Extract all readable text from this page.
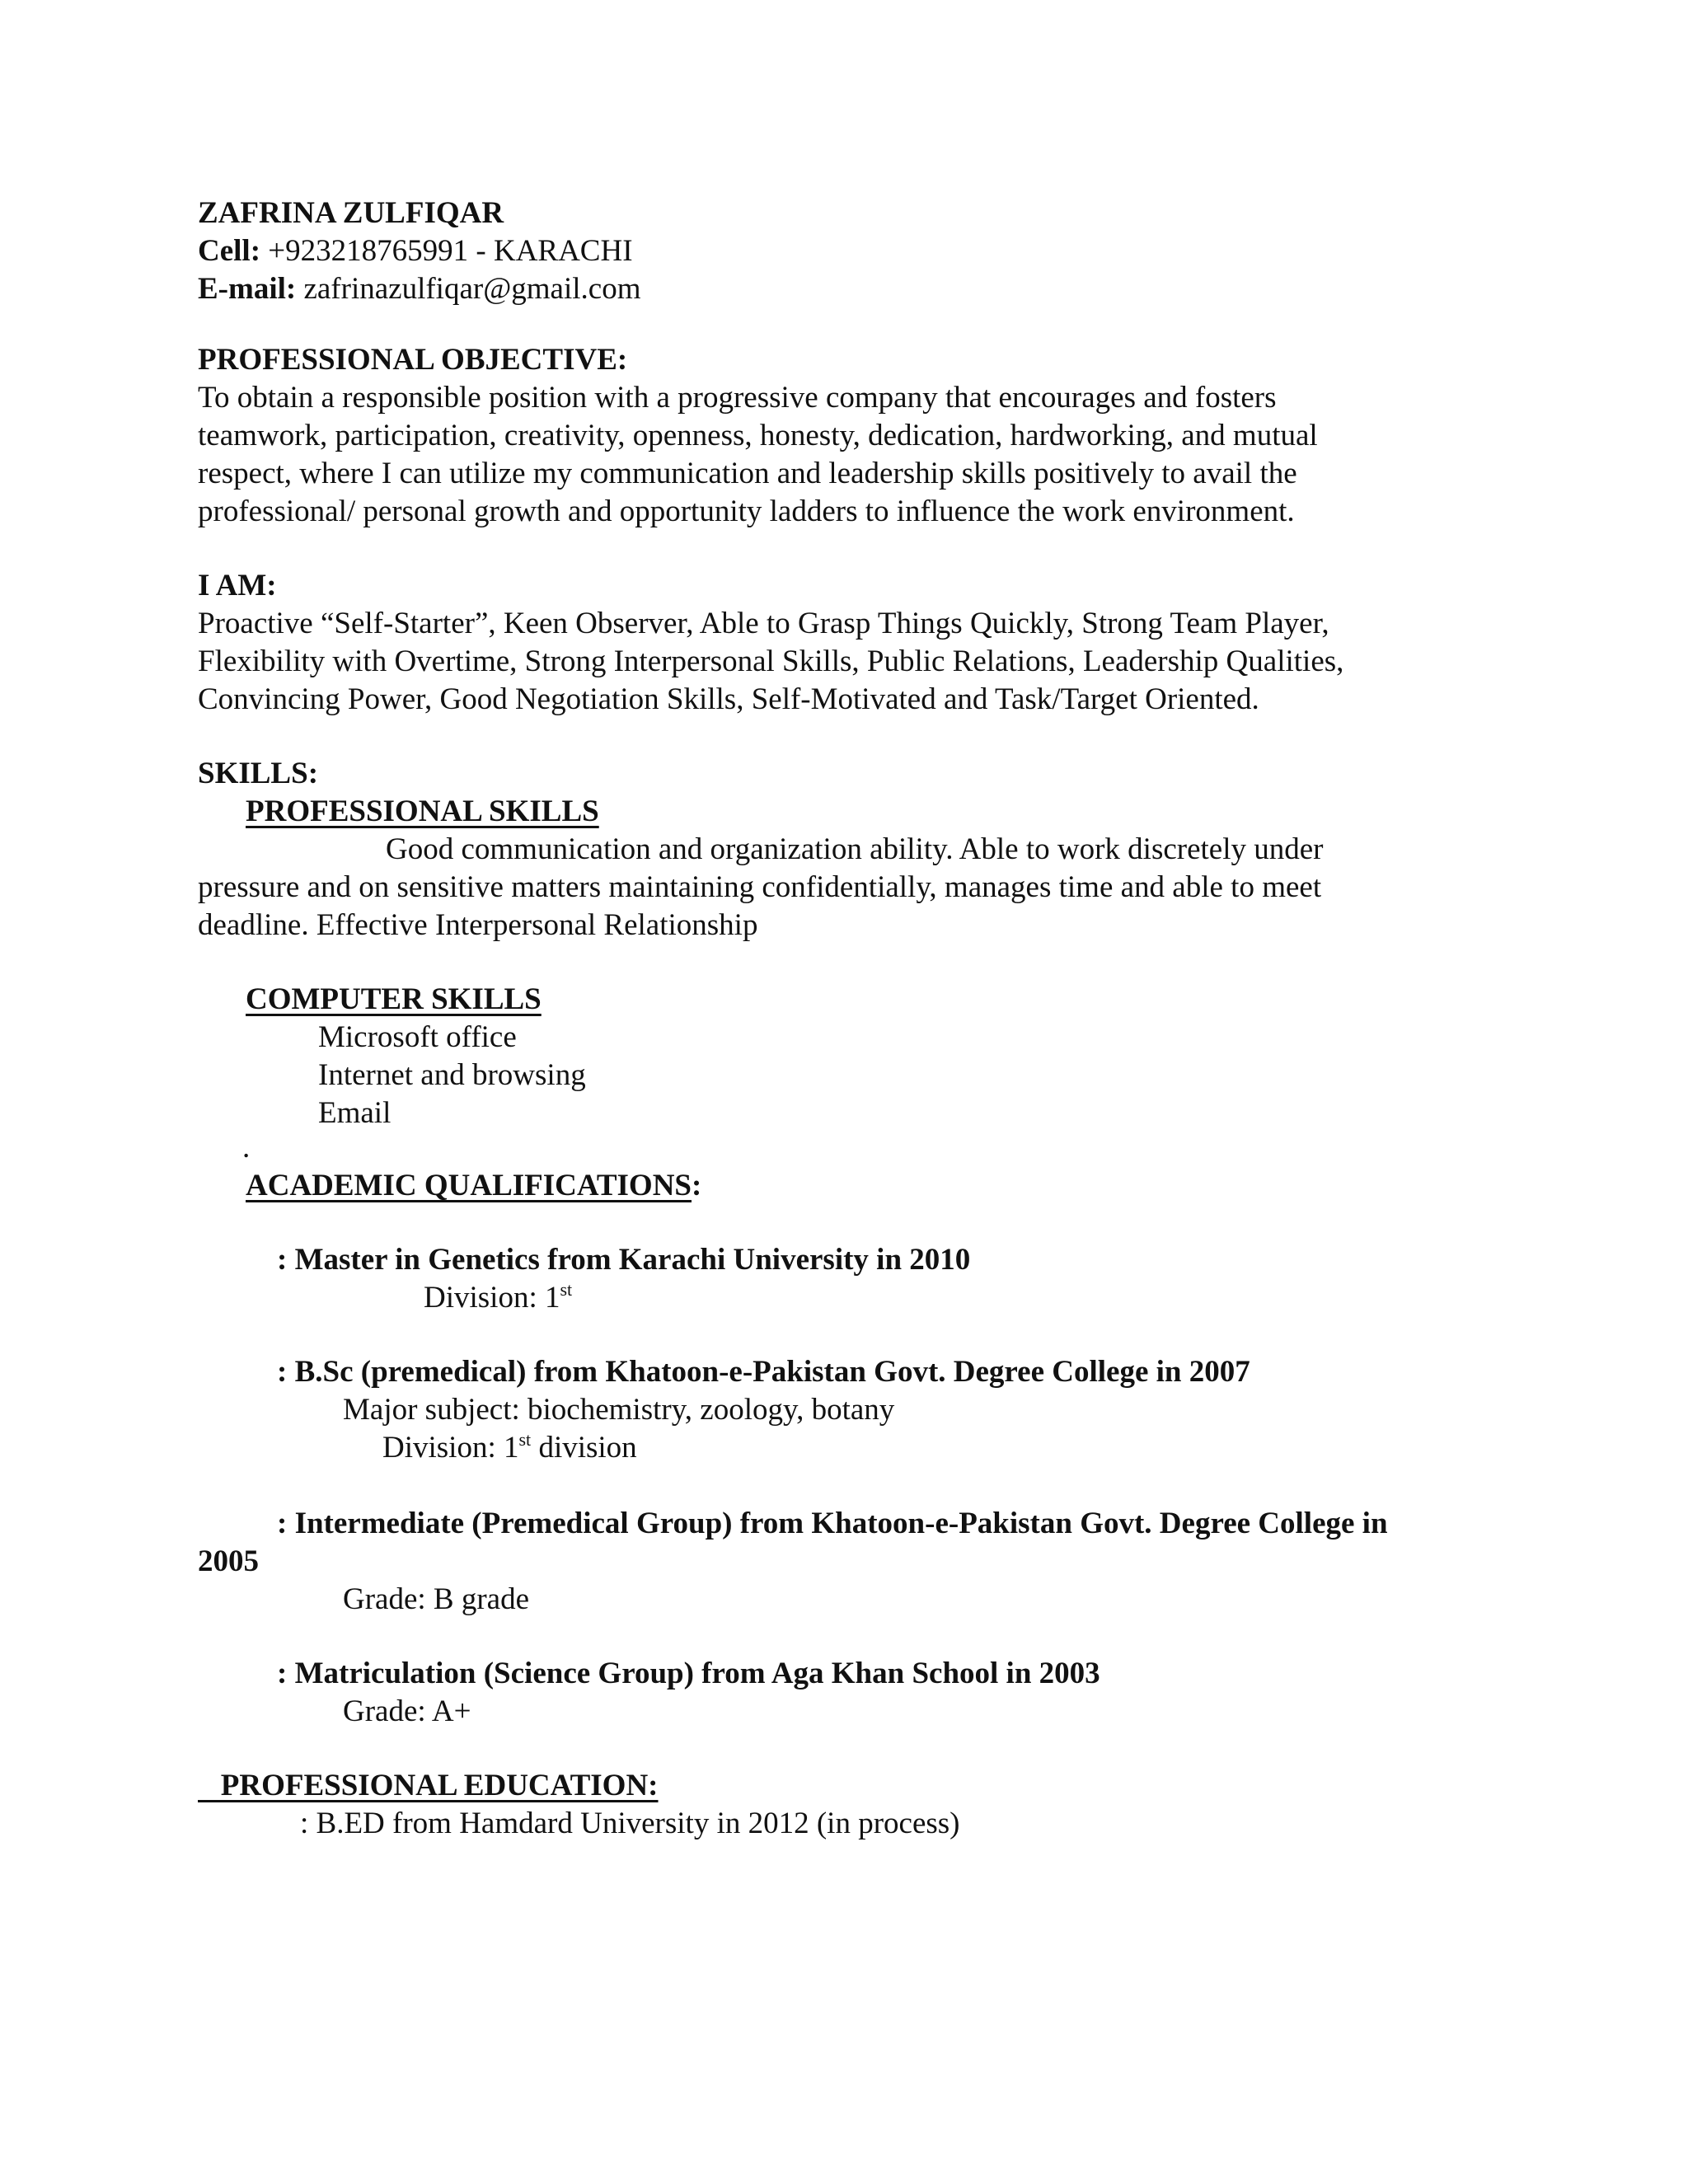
ZAFRINA ZULFIQAR
Cell: +923218765991 - KARACHI
E-mail: zafrinazulfiqar@gmail.com
PROFESSIONAL OBJECTIVE:
To obtain a responsible position with a progressive company that encourages and fosters
teamwork, participation, creativity, openness, honesty, dedication, hardworking, and mutual
respect, where I can utilize my communication and leadership skills positively to avail the
professional/ personal growth and opportunity ladders to influence the work environment.
I AM:
Proactive “Self-Starter”, Keen Observer, Able to Grasp Things Quickly, Strong Team Player,
Flexibility with Overtime, Strong Interpersonal Skills, Public Relations, Leadership Qualities,
Convincing Power, Good Negotiation Skills, Self-Motivated and Task/Target Oriented.
SKILLS:
PROFESSIONAL SKILLS
Good communication and organization ability. Able to work discretely under
pressure and on sensitive matters maintaining confidentially, manages time and able to meet
deadline. Effective Interpersonal Relationship
COMPUTER SKILLS
Microsoft office
Internet and browsing
Email
.
ACADEMIC QUALIFICATIONS:
: Master in Genetics from Karachi University in 2010
Division: 1st
: B.Sc (premedical) from Khatoon-e-Pakistan Govt. Degree College in 2007
Major subject: biochemistry, zoology, botany
Division: 1st division
: Intermediate (Premedical Group) from Khatoon-e-Pakistan Govt. Degree College in
2005
Grade: B grade
: Matriculation (Science Group) from Aga Khan School in 2003
Grade: A+
PROFESSIONAL EDUCATION:
: B.ED from Hamdard University in 2012 (in process)
